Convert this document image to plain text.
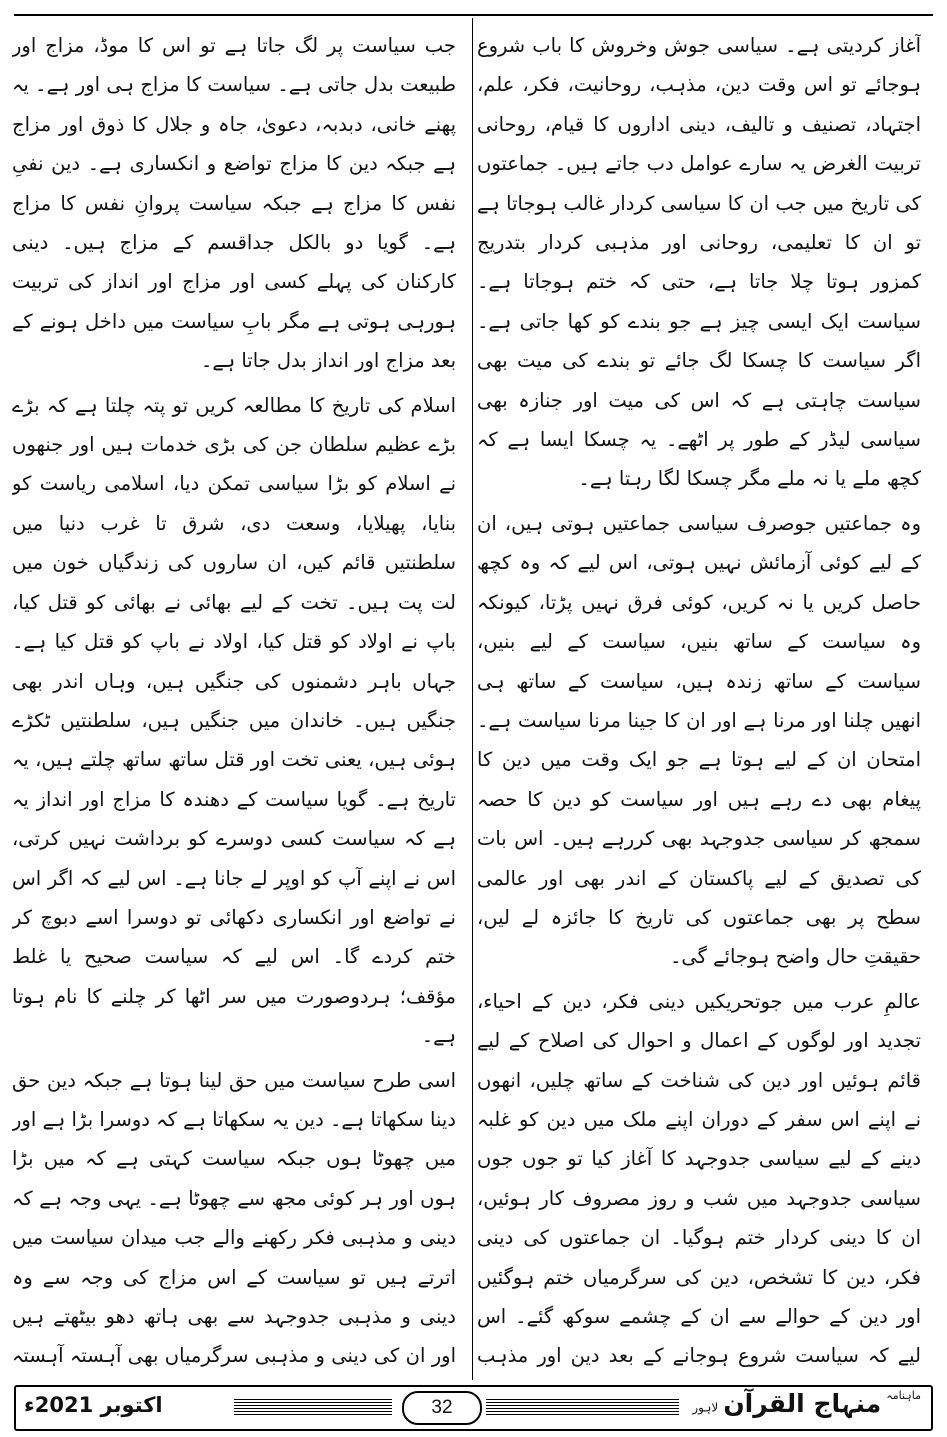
آغاز کردیتی ہے۔ سیاسی جوش وخروش کا باب شروع ہوجائے تو اس وقت دین، مذہب، روحانیت، فکر، علم، اجتہاد، تصنیف و تالیف، دینی اداروں کا قیام، روحانی تربیت الغرض یہ سارے عوامل دب جاتے ہیں۔ جماعتوں کی تاریخ میں جب ان کا سیاسی کردار غالب ہوجاتا ہے تو ان کا تعلیمی، روحانی اور مذہبی کردار بتدریج کمزور ہوتا چلا جاتا ہے، حتی کہ ختم ہوجاتا ہے۔ سیاست ایک ایسی چیز ہے جو بندے کو کھا جاتی ہے۔ اگر سیاست کا چسکا لگ جائے تو بندے کی میت بھی سیاست چاہتی ہے کہ اس کی میت اور جنازہ بھی سیاسی لیڈر کے طور پر اٹھے۔ یہ چسکا ایسا ہے کہ کچھ ملے یا نہ ملے مگر چسکا لگا رہتا ہے۔

وہ جماعتیں جوصرف سیاسی جماعتیں ہوتی ہیں، ان کے لیے کوئی آزمائش نہیں ہوتی، اس لیے کہ وہ کچھ حاصل کریں یا نہ کریں، کوئی فرق نہیں پڑتا، کیونکہ وہ سیاست کے ساتھ بنیں، سیاست کے لیے بنیں، سیاست کے ساتھ زندہ ہیں، سیاست کے ساتھ ہی انھیں چلنا اور مرنا ہے اور ان کا جینا مرنا سیاست ہے۔ امتحان ان کے لیے ہوتا ہے جو ایک وقت میں دین کا پیغام بھی دے رہے ہیں اور سیاست کو دین کا حصہ سمجھ کر سیاسی جدوجہد بھی کررہے ہیں۔ اس بات کی تصدیق کے لیے پاکستان کے اندر بھی اور عالمی سطح پر بھی جماعتوں کی تاریخ کا جائزہ لے لیں، حقیقتِ حال واضح ہوجائے گی۔

عالمِ عرب میں جوتحریکیں دینی فکر، دین کے احیاء، تجدید اور لوگوں کے اعمال و احوال کی اصلاح کے لیے قائم ہوئیں اور دین کی شناخت کے ساتھ چلیں، انھوں نے اپنے اس سفر کے دوران اپنے ملک میں دین کو غلبہ دینے کے لیے سیاسی جدوجہد کا آغاز کیا تو جوں جوں سیاسی جدوجہد میں شب و روز مصروف کار ہوئیں، ان کا دینی کردار ختم ہوگیا۔ ان جماعتوں کی دینی فکر، دین کا تشخص، دین کی سرگرمیاں ختم ہوگئیں اور دین کے حوالے سے ان کے چشمے سوکھ گئے۔ اس لیے کہ سیاست شروع ہوجانے کے بعد دین اور مذہب

جب سیاست پر لگ جاتا ہے تو اس کا موڈ، مزاج اور طبیعت بدل جاتی ہے۔ سیاست کا مزاج ہی اور ہے۔ یہ پھنے خانی، دبدبہ، دعویٰ، جاہ و جلال کا ذوق اور مزاج ہے جبکہ دین کا مزاج تواضع و انکساری ہے۔ دین نفیِ نفس کا مزاج ہے جبکہ سیاست پروانِ نفس کا مزاج ہے۔ گویا دو بالکل جداقسم کے مزاج ہیں۔ دینی کارکنان کی پہلے کسی اور مزاج اور انداز کی تربیت ہورہی ہوتی ہے مگر بابِ سیاست میں داخل ہونے کے بعد مزاج اور انداز بدل جاتا ہے۔

اسلام کی تاریخ کا مطالعہ کریں تو پتہ چلتا ہے کہ بڑے بڑے عظیم سلطان جن کی بڑی خدمات ہیں اور جنھوں نے اسلام کو بڑا سیاسی تمکن دیا، اسلامی ریاست کو بنایا، پھیلایا، وسعت دی، شرق تا غرب دنیا میں سلطنتیں قائم کیں، ان ساروں کی زندگیاں خون میں لت پت ہیں۔ تخت کے لیے بھائی نے بھائی کو قتل کیا، باپ نے اولاد کو قتل کیا، اولاد نے باپ کو قتل کیا ہے۔ جہاں باہر دشمنوں کی جنگیں ہیں، وہاں اندر بھی جنگیں ہیں۔ خاندان میں جنگیں ہیں، سلطنتیں ٹکڑے ہوئی ہیں، یعنی تخت اور قتل ساتھ ساتھ چلتے ہیں، یہ تاریخ ہے۔ گویا سیاست کے دھندہ کا مزاج اور انداز یہ ہے کہ سیاست کسی دوسرے کو برداشت نہیں کرتی، اس نے اپنے آپ کو اوپر لے جانا ہے۔ اس لیے کہ اگر اس نے تواضع اور انکساری دکھائی تو دوسرا اسے دبوچ کر ختم کردے گا۔ اس لیے کہ سیاست صحیح یا غلط مؤقف؛ ہردوصورت میں سر اٹھا کر چلنے کا نام ہوتا ہے۔

اسی طرح سیاست میں حق لینا ہوتا ہے جبکہ دین حق دینا سکھاتا ہے۔ دین یہ سکھاتا ہے کہ دوسرا بڑا ہے اور میں چھوٹا ہوں جبکہ سیاست کہتی ہے کہ میں بڑا ہوں اور ہر کوئی مجھ سے چھوٹا ہے۔ یہی وجہ ہے کہ دینی و مذہبی فکر رکھنے والے جب میدان سیاست میں اترتے ہیں تو سیاست کے اس مزاج کی وجہ سے وہ دینی و مذہبی جدوجہد سے بھی ہاتھ دھو بیٹھتے ہیں اور ان کی دینی و مذہبی سرگرمیاں بھی آہستہ آہستہ

اکتوبر 2021ء	32
$^{ماہنامہ}$ منہاج القرآن لاہور
